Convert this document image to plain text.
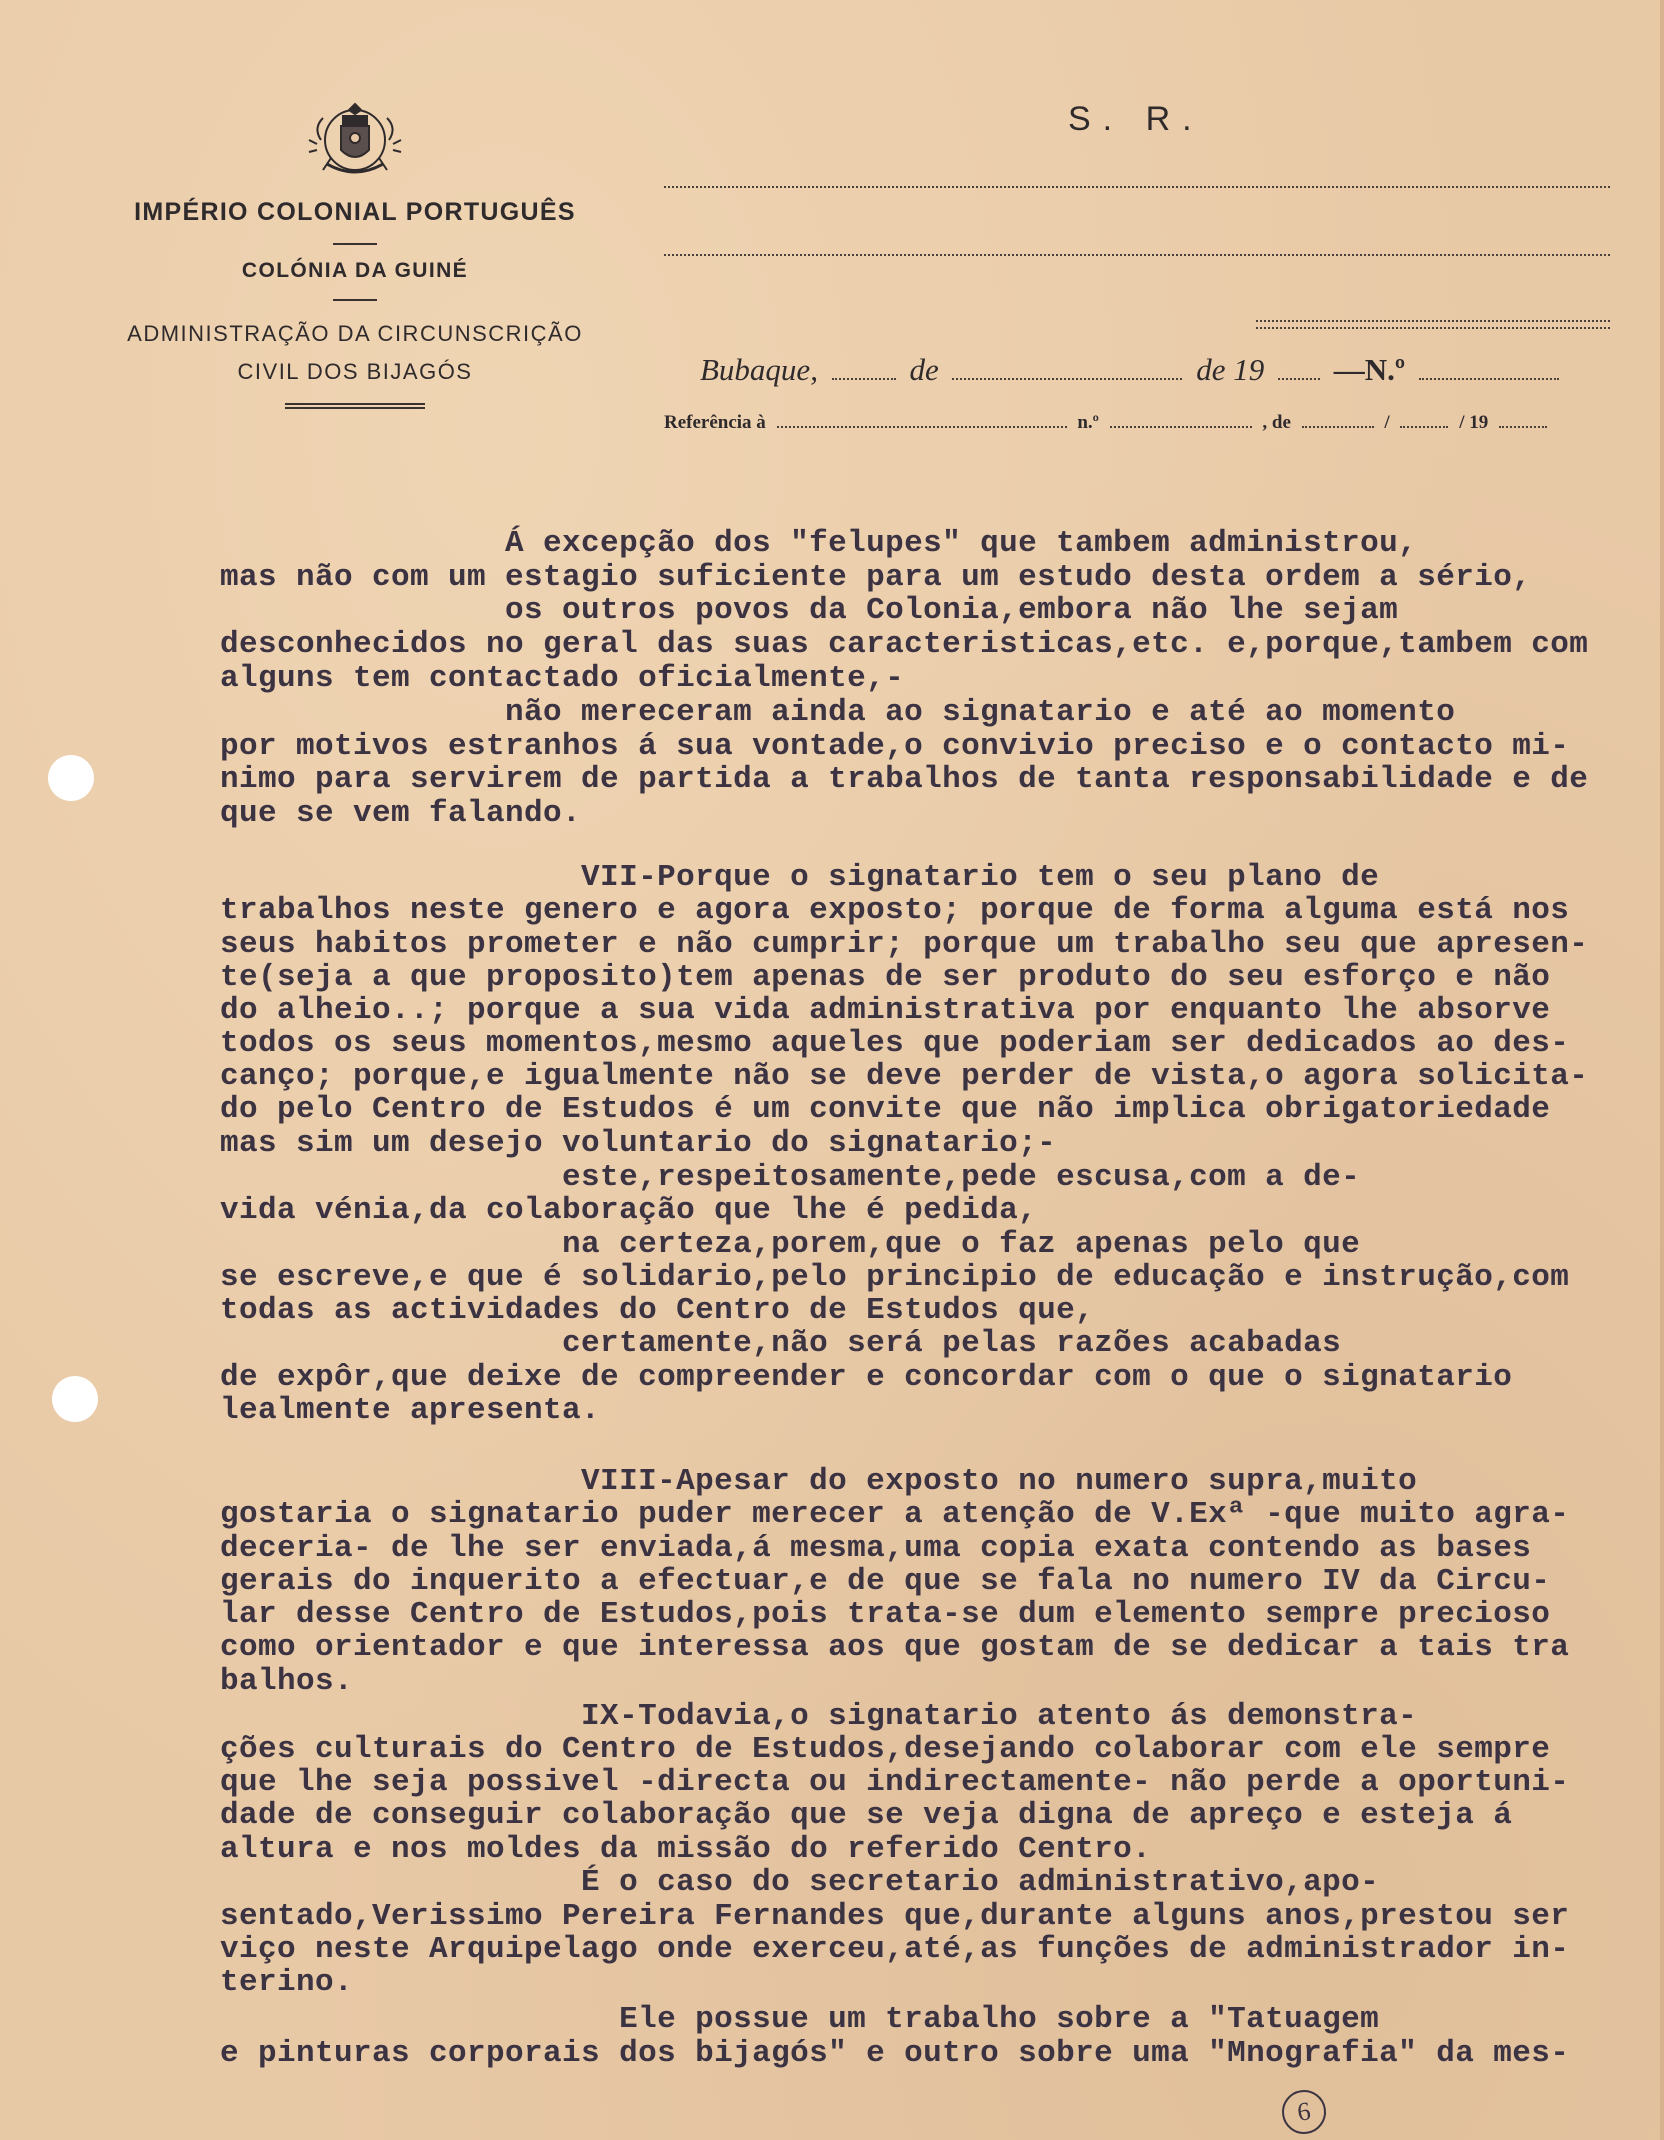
IMPÉRIO COLONIAL PORTUGUÊS
COLÓNIA DA GUINÉ
ADMINISTRAÇÃO DA CIRCUNSCRIÇÃO
CIVIL DOS BIJAGÓS
S. R.
Bubaque,	de	de 19 —N.º
Referência à	n.º	, de	/	/ 19
Á excepção dos "felupes" que tambem administrou,
mas não com um estagio suficiente para um estudo desta ordem a sério,
os outros povos da Colonia,embora não lhe sejam
desconhecidos no geral das suas caracteristicas,etc. e,porque,tambem com
alguns tem contactado oficialmente,-
não mereceram ainda ao signatario e até ao momento
por motivos estranhos á sua vontade,o convivio preciso e o contacto mi-
nimo para servirem de partida a trabalhos de tanta responsabilidade e de
que se vem falando.
VII-Porque o signatario tem o seu plano de
trabalhos neste genero e agora exposto; porque de forma alguma está nos
seus habitos prometer e não cumprir; porque um trabalho seu que apresen-
te(seja a que proposito)tem apenas de ser produto do seu esforço e não
do alheio..; porque a sua vida administrativa por enquanto lhe absorve
todos os seus momentos,mesmo aqueles que poderiam ser dedicados ao des-
canço; porque,e igualmente não se deve perder de vista,o agora solicita-
do pelo Centro de Estudos é um convite que não implica obrigatoriedade
mas sim um desejo voluntario do signatario;-
este,respeitosamente,pede escusa,com a de-
vida vénia,da colaboração que lhe é pedida,
na certeza,porem,que o faz apenas pelo que
se escreve,e que é solidario,pelo principio de educação e instrução,com
todas as actividades do Centro de Estudos que,
certamente,não será pelas razões acabadas
de expôr,que deixe de compreender e concordar com o que o signatario
lealmente apresenta.
VIII-Apesar do exposto no numero supra,muito
gostaria o signatario puder merecer a atenção de V.Exª -que muito agra-
deceria- de lhe ser enviada,á mesma,uma copia exata contendo as bases
gerais do inquerito a efectuar,e de que se fala no numero IV da Circu-
lar desse Centro de Estudos,pois trata-se dum elemento sempre precioso
como orientador e que interessa aos que gostam de se dedicar a tais tra
balhos.
IX-Todavia,o signatario atento ás demonstra-
ções culturais do Centro de Estudos,desejando colaborar com ele sempre
que lhe seja possivel -directa ou indirectamente- não perde a oportuni-
dade de conseguir colaboração que se veja digna de apreço e esteja á
altura e nos moldes da missão do referido Centro.
É o caso do secretario administrativo,apo-
sentado,Verissimo Pereira Fernandes que,durante alguns anos,prestou ser
viço neste Arquipelago onde exerceu,até,as funções de administrador in-
terino.
Ele possue um trabalho sobre a "Tatuagem
e pinturas corporais dos bijagós" e outro sobre uma "Mnografia" da mes-
6
